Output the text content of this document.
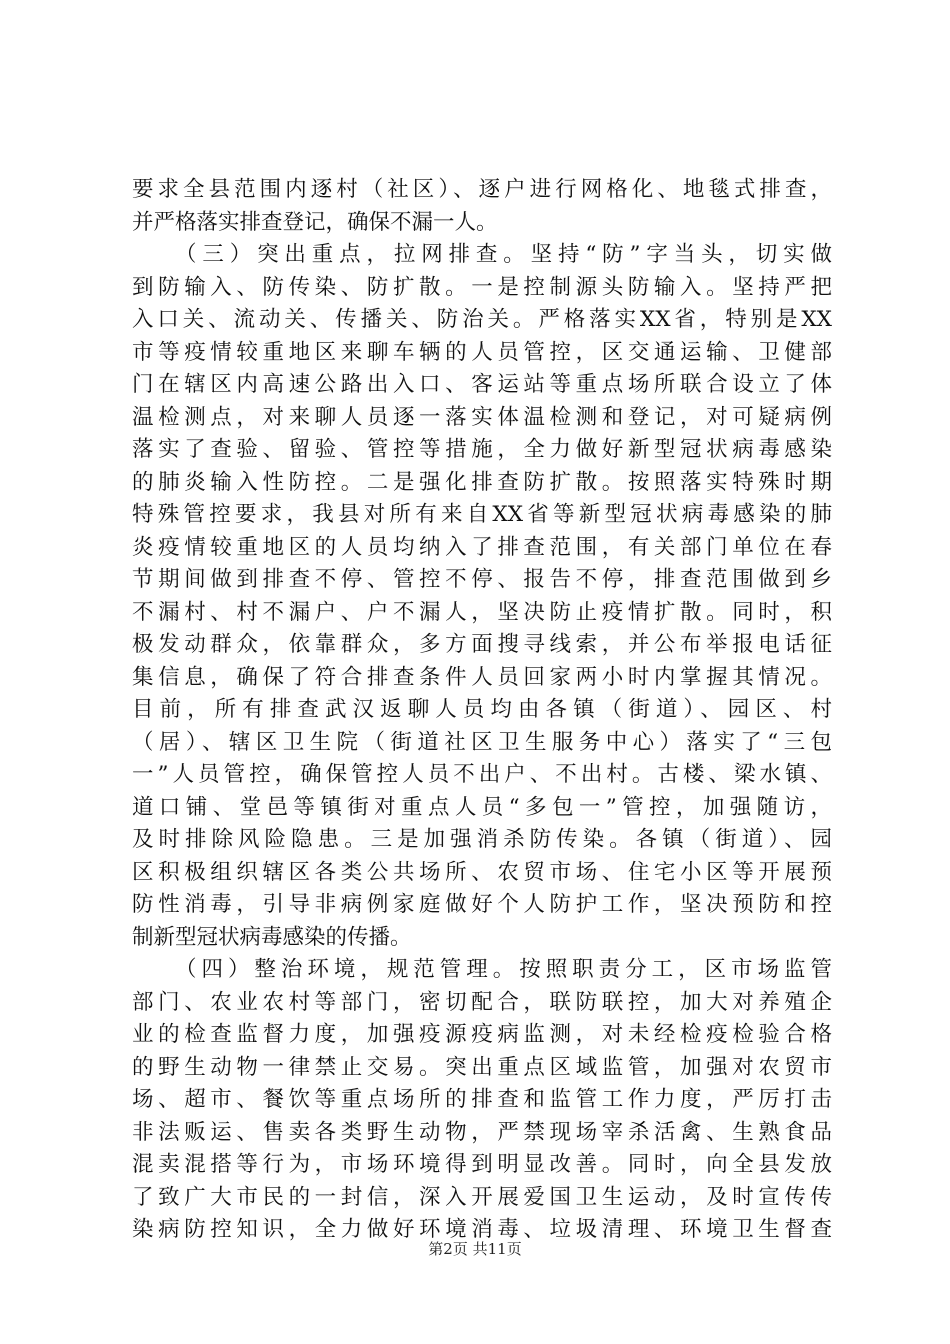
要求全县范围内逐村（社区）、逐户进行网格化、地毯式排查，
并严格落实排查登记，确保不漏一人。
（三）突出重点，拉网排查。坚持“防”字当头，切实做
到防输入、防传染、防扩散。一是控制源头防输入。坚持严把
入口关、流动关、传播关、防治关。严格落实XX省，特别是XX
市等疫情较重地区来聊车辆的人员管控，区交通运输、卫健部
门在辖区内高速公路出入口、客运站等重点场所联合设立了体
温检测点，对来聊人员逐一落实体温检测和登记，对可疑病例
落实了查验、留验、管控等措施，全力做好新型冠状病毒感染
的肺炎输入性防控。二是强化排查防扩散。按照落实特殊时期
特殊管控要求，我县对所有来自XX省等新型冠状病毒感染的肺
炎疫情较重地区的人员均纳入了排查范围，有关部门单位在春
节期间做到排查不停、管控不停、报告不停，排查范围做到乡
不漏村、村不漏户、户不漏人，坚决防止疫情扩散。同时，积
极发动群众，依靠群众，多方面搜寻线索，并公布举报电话征
集信息，确保了符合排查条件人员回家两小时内掌握其情况。
目前，所有排查武汉返聊人员均由各镇（街道）、园区、村
（居）、辖区卫生院（街道社区卫生服务中心）落实了“三包
一”人员管控，确保管控人员不出户、不出村。古楼、梁水镇、
道口铺、堂邑等镇街对重点人员“多包一”管控，加强随访，
及时排除风险隐患。三是加强消杀防传染。各镇（街道）、园
区积极组织辖区各类公共场所、农贸市场、住宅小区等开展预
防性消毒，引导非病例家庭做好个人防护工作，坚决预防和控
制新型冠状病毒感染的传播。
（四）整治环境，规范管理。按照职责分工，区市场监管
部门、农业农村等部门，密切配合，联防联控，加大对养殖企
业的检查监督力度，加强疫源疫病监测，对未经检疫检验合格
的野生动物一律禁止交易。突出重点区域监管，加强对农贸市
场、超市、餐饮等重点场所的排查和监管工作力度，严厉打击
非法贩运、售卖各类野生动物，严禁现场宰杀活禽、生熟食品
混卖混搭等行为，市场环境得到明显改善。同时，向全县发放
了致广大市民的一封信，深入开展爱国卫生运动，及时宣传传
染病防控知识，全力做好环境消毒、垃圾清理、环境卫生督查
第2页 共11页
